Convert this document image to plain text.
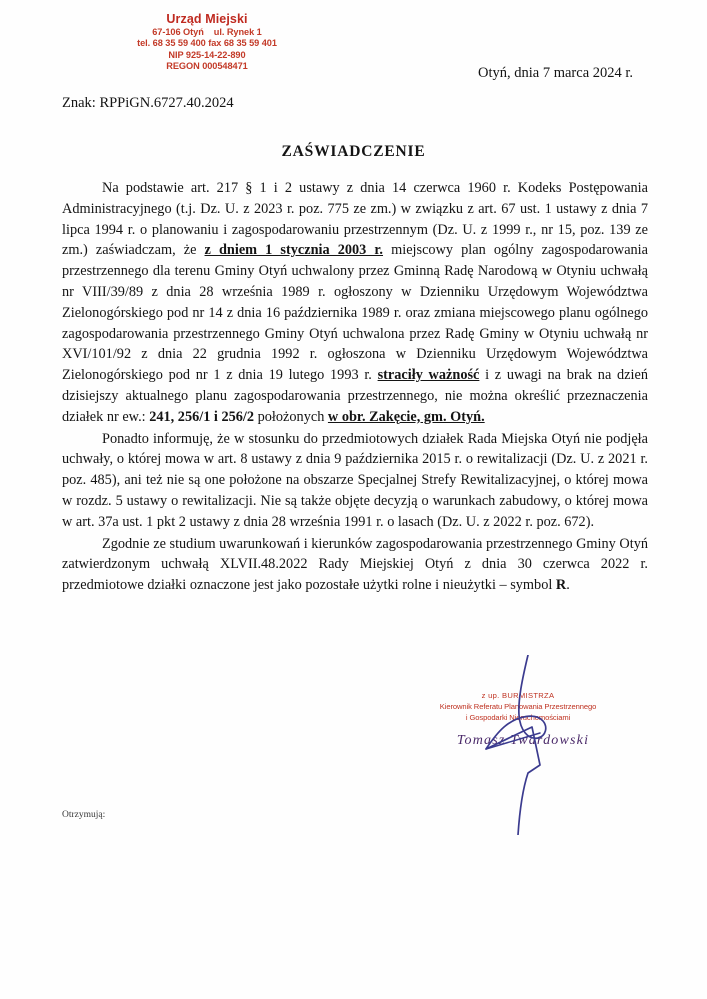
Urząd Miejski
67-106 Otyń ul. Rynek 1
tel. 68 35 59 400 fax 68 35 59 401
NIP 925-14-22-890
REGON 000548471	Otyń, dnia 7 marca 2024 r.
Znak: RPPiGN.6727.40.2024
ZAŚWIADCZENIE

Na podstawie art. 217 § 1 i 2 ustawy z dnia 14 czerwca 1960 r. Kodeks Postępowania Administracyjnego (t.j. Dz. U. z 2023 r. poz. 775 ze zm.) w związku z art. 67 ust. 1 ustawy z dnia 7 lipca 1994 r. o planowaniu i zagospodarowaniu przestrzennym (Dz. U. z 1999 r., nr 15, poz. 139 ze zm.) zaświadczam, że z dniem 1 stycznia 2003 r. miejscowy plan ogólny zagospodarowania przestrzennego dla terenu Gminy Otyń uchwalony przez Gminną Radę Narodową w Otyniu uchwałą nr VIII/39/89 z dnia 28 września 1989 r. ogłoszony w Dzienniku Urzędowym Województwa Zielonogórskiego pod nr 14 z dnia 16 października 1989 r. oraz zmiana miejscowego planu ogólnego zagospodarowania przestrzennego Gminy Otyń uchwalona przez Radę Gminy w Otyniu uchwałą nr XVI/101/92 z dnia 22 grudnia 1992 r. ogłoszona w Dzienniku Urzędowym Województwa Zielonogórskiego pod nr 1 z dnia 19 lutego 1993 r. straciły ważność i z uwagi na brak na dzień dzisiejszy aktualnego planu zagospodarowania przestrzennego, nie można określić przeznaczenia działek nr ew.: 241, 256/1 i 256/2 położonych w obr. Zakęcie, gm. Otyń.

Ponadto informuję, że w stosunku do przedmiotowych działek Rada Miejska Otyń nie podjęła uchwały, o której mowa w art. 8 ustawy z dnia 9 października 2015 r. o rewitalizacji (Dz. U. z 2021 r. poz. 485), ani też nie są one położone na obszarze Specjalnej Strefy Rewitalizacyjnej, o której mowa w rozdz. 5 ustawy o rewitalizacji. Nie są także objęte decyzją o warunkach zabudowy, o której mowa w art. 37a ust. 1 pkt 2 ustawy z dnia 28 września 1991 r. o lasach (Dz. U. z 2022 r. poz. 672).

Zgodnie ze studium uwarunkowań i kierunków zagospodarowania przestrzennego Gminy Otyń zatwierdzonym uchwałą XLVII.48.2022 Rady Miejskiej Otyń z dnia 30 czerwca 2022 r. przedmiotowe działki oznaczone jest jako pozostałe użytki rolne i nieużytki – symbol R.

z up. BURMISTRZA
Kierownik Referatu Planowania Przestrzennego
i Gospodarki Nieruchomościami
Tomasz Twardowski
Otrzymują:
